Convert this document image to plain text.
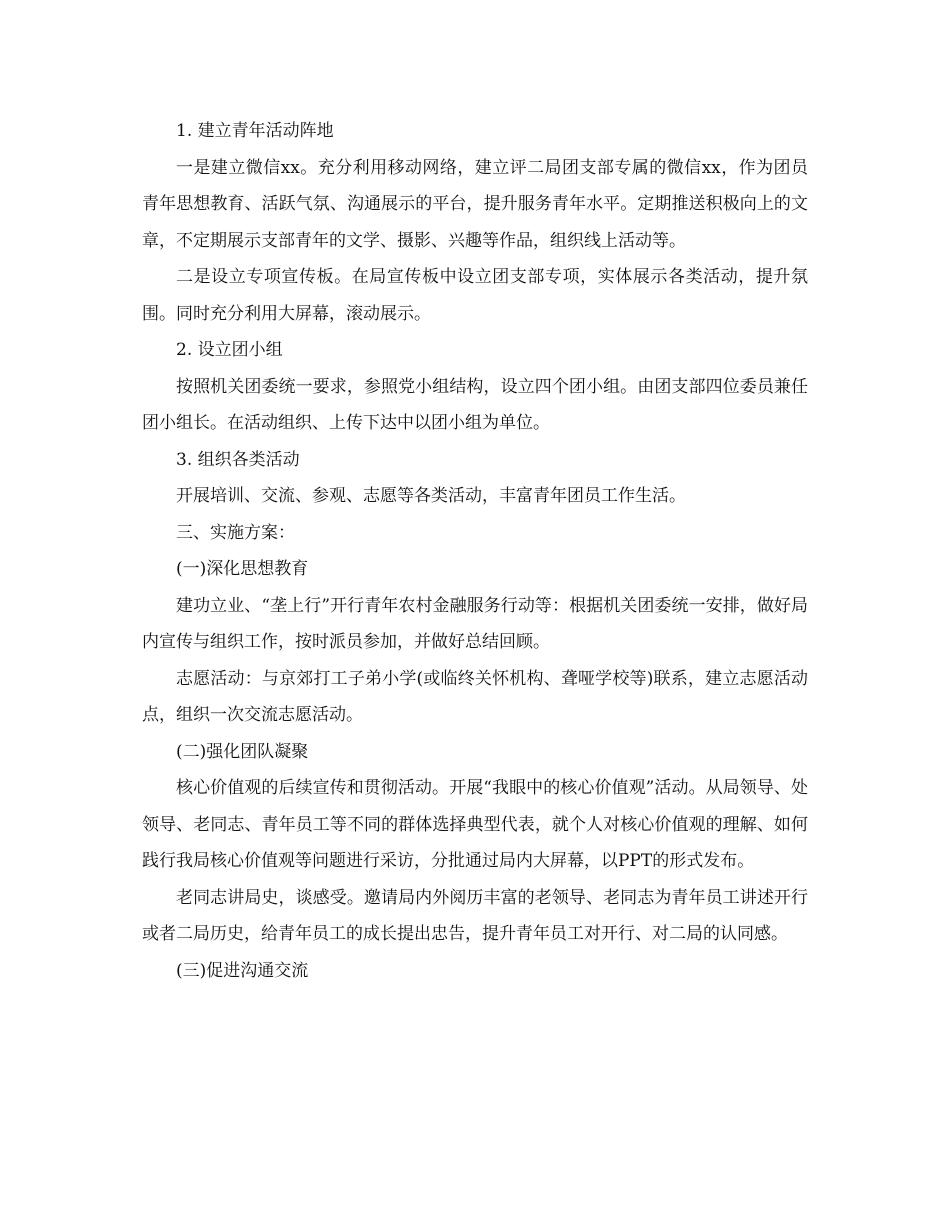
1. 建立青年活动阵地

一是建立微信xx。充分利用移动网络，建立评二局团支部专属的微信xx，作为团员青年思想教育、活跃气氛、沟通展示的平台，提升服务青年水平。定期推送积极向上的文章，不定期展示支部青年的文学、摄影、兴趣等作品，组织线上活动等。

二是设立专项宣传板。在局宣传板中设立团支部专项，实体展示各类活动，提升氛围。同时充分利用大屏幕，滚动展示。

2. 设立团小组

按照机关团委统一要求，参照党小组结构，设立四个团小组。由团支部四位委员兼任团小组长。在活动组织、上传下达中以团小组为单位。

3. 组织各类活动

开展培训、交流、参观、志愿等各类活动，丰富青年团员工作生活。

三、实施方案：

(一)深化思想教育

建功立业、“垄上行”开行青年农村金融服务行动等：根据机关团委统一安排，做好局内宣传与组织工作，按时派员参加，并做好总结回顾。

志愿活动：与京郊打工子弟小学(或临终关怀机构、聋哑学校等)联系，建立志愿活动点，组织一次交流志愿活动。

(二)强化团队凝聚

核心价值观的后续宣传和贯彻活动。开展“我眼中的核心价值观”活动。从局领导、处领导、老同志、青年员工等不同的群体选择典型代表，就个人对核心价值观的理解、如何践行我局核心价值观等问题进行采访，分批通过局内大屏幕，以PPT的形式发布。

老同志讲局史，谈感受。邀请局内外阅历丰富的老领导、老同志为青年员工讲述开行或者二局历史，给青年员工的成长提出忠告，提升青年员工对开行、对二局的认同感。

(三)促进沟通交流
